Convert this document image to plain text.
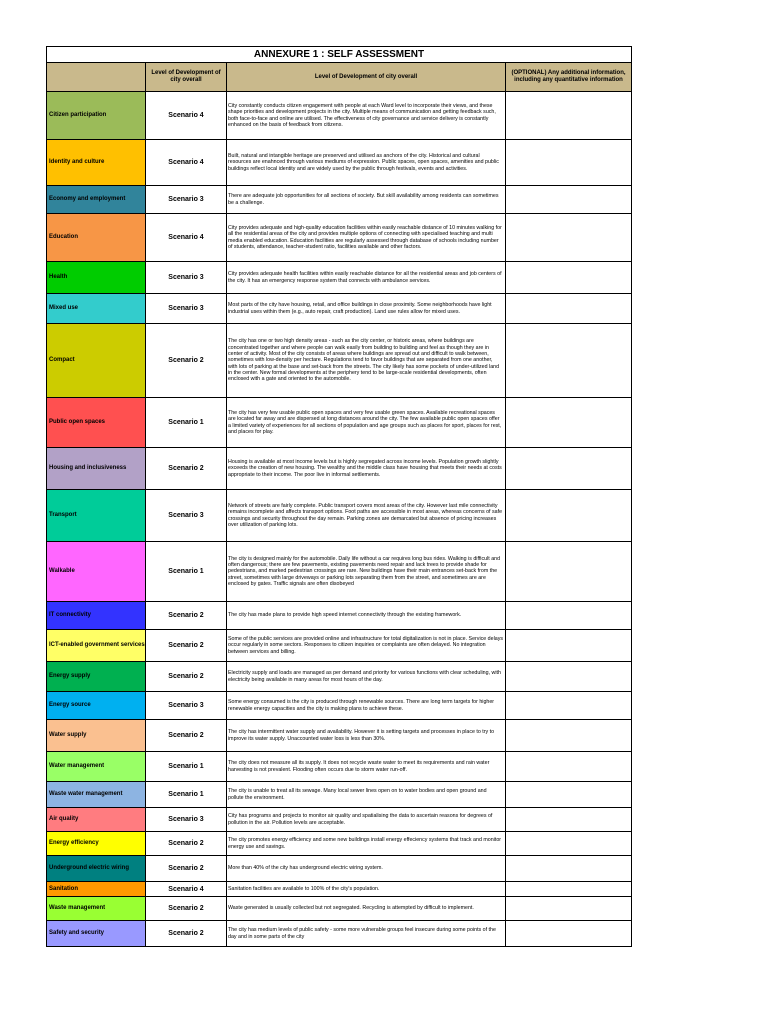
ANNEXURE 1 : SELF ASSESSMENT			
	Level of Development of city overall	Level of Development of city overall	(OPTIONAL) Any additional information, including any quantitative information
Citizen participation	Scenario 4	City constantly conducts citizen engagement with people at each Ward level to incorporate their views, and these shape priorities and development projects in the city. Multiple means of communication and getting feedback such, both face-to-face and online are utilised. The effectiveness of city governance and service delivery is constantly enhanced on the basis of feedback from citizens.	
Identity and culture	Scenario 4	Built, natural and intangible heritage are preserved and utilised as anchors of the city. Historical and cultural resources are enahnced through various mediums of expression. Public spaces, open spaces, amenities and public buildings reflect local identity and are widely used by the public through festivals, events and activities.	
Economy and employment	Scenario 3	There are adequate job opportunities for all sections of society. But skill availability among residents can sometimes be a challenge.	
Education	Scenario 4	City provides adequate and high-quality education facilities within easily reachable distance of 10 minutes walking for all the residential areas of the city and provides multiple options of connecting with specialised teaching and multi media enabled education. Education facilities are regularly assessed through database of schools including number of students, attendance, teacher-student ratio, facilities available and other factors.	
Health	Scenario 3	City provides adequate health facilities within easily reachable distance for all the residential areas and job centers of the city. It has an emergency response system that connects with ambulance services.	
Mixed use	Scenario 3	Most parts of the city have housing, retail, and office buildings in close proximity. Some neighborhoods have light industrial uses within them (e.g., auto repair, craft production). Land use rules allow for mixed uses.	
Compact	Scenario 2	The city has one or two high density areas - such as the city center, or historic areas, where buildings are concentrated together and where people can walk easily from building to building and feel as though they are in center of activity. Most of the city consists of areas where buildings are spread out and difficult to walk between, sometimes with low-density per hectare. Regulations tend to favor buildings that are separated from one another, with lots of parking at the base and set-back from the streets. The city likely has some pockets of under-utilized land in the center. New formal developments at the periphery tend to be large-scale residential developments, often enclosed with a gate and oriented to the automobile.	
Public open spaces	Scenario 1	The city has very few usable public open spaces and very few usable green spaces. Available recreational spaces are located far away and are dispersed at long distances around the city. The few available public open spaces offer a limited variety of experiences for all sections of population and age groups such as places for sport, places for rest, and places for play.	
Housing and inclusiveness	Scenario 2	Housing is available at most income levels but is highly segregated across income levels. Population growth slightly exceeds the creation of new housing. The wealthy and the middle class have housing that meets their needs at costs appropriate to their income. The poor live in informal settlements.	
Transport	Scenario 3	Network of streets are fairly complete. Public transport covers most areas of the city. However last mile connectivity remains incomplete and affects transport options. Foot paths are accessible in most areas, whereas concerns of safe crossings and security throughout the day remain. Parking zones are demarcated but absence of pricing increases over utilization of parking lots.	
Walkable	Scenario 1	The city is designed mainly for the automobile. Daily life without a car requires long bus rides. Walking is difficult and often dangerous; there are few pavements, existing pavements need repair and lack trees to provide shade for pedestrians, and marked pedestrian crossings are rare. New buildings have their main entrances set-back from the street, sometimes with large driveways or parking lots separating them from the street, and sometimes are are enclosed by gates. Traffic signals are often disobeyed	
IT connectivity	Scenario 2	The city has made plans to provide high speed internet connectivity through the existing framework.	
ICT-enabled government services	Scenario 2	Some of the public services are provided online and infrastructure for total digitalization is not in place. Service delays occur regularly in some sectors. Responses to citizen inquiries or complaints are often delayed. No integration between services and billing.	
Energy supply	Scenario 2	Electricity supply and loads are managed as per demand and priority for various functions with clear scheduling, with electricity being available in many areas for most hours of the day.	
Energy source	Scenario 3	Some energy consumed is the city is produced through renewable sources. There are long term targets for higher renewable energy capacities and the city is making plans to achieve these.	
Water supply	Scenario 2	The city has intermittent water supply and availability. However it is setting targets and processes in place to try to improve its water supply. Unaccounted water loss is less than 30%.	
Water management	Scenario 1	The city does not measure all its supply. It does not recycle waste water to meet its requirements and rain water harvesting is not prevalent. Flooding often occurs due to storm water run-off.	
Waste water management	Scenario 1	The city is unable to treat all its sewage. Many local sewer lines open on to water bodies and open ground and pollute the environment.	
Air quality	Scenario 3	City has programs and projects to monitor air quality and spatialising the data to ascertain reasons for degrees of pollution in the air. Pollution levels are acceptable.	
Energy efficiency	Scenario 2	The city promotes energy efficiency and some new buildings install energy effeciency systems that track and monitor energy use and savings.	
Underground electric wiring	Scenario 2	More than 40% of the city has underground electric wiring system.	
Sanitation	Scenario 4	Sanitation facilities are available to 100% of the city's population.	
Waste management	Scenario 2	Waste generated is usually collected but not segregated. Recycling is attempted by difficult to implement.	
Safety and security	Scenario 2	The city has medium levels of public safety - some more vulnerable groups feel insecure during some points of the day and in some parts of the city	
